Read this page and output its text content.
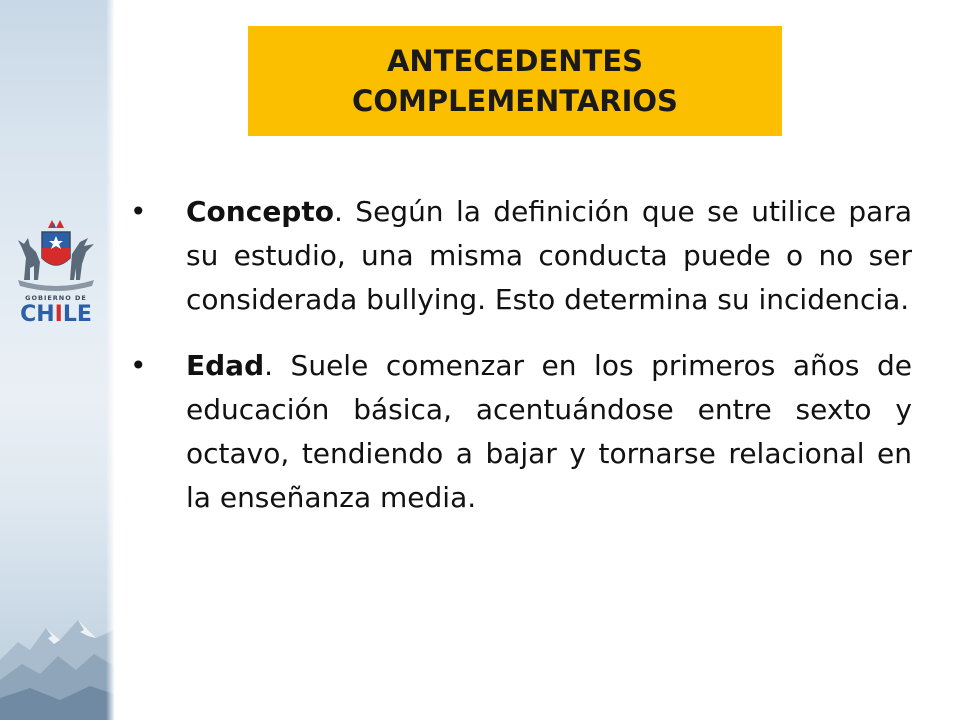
GOBIERNO DE
CHILE
ANTECEDENTES
COMPLEMENTARIOS
• Concepto. Según la definición que se utilice para su estudio, una misma conducta puede o no ser considerada bullying. Esto determina su incidencia.
• Edad. Suele comenzar en los primeros años de educación básica, acentuándose entre sexto y octavo, tendiendo a bajar y tornarse relacional en la enseñanza media.
